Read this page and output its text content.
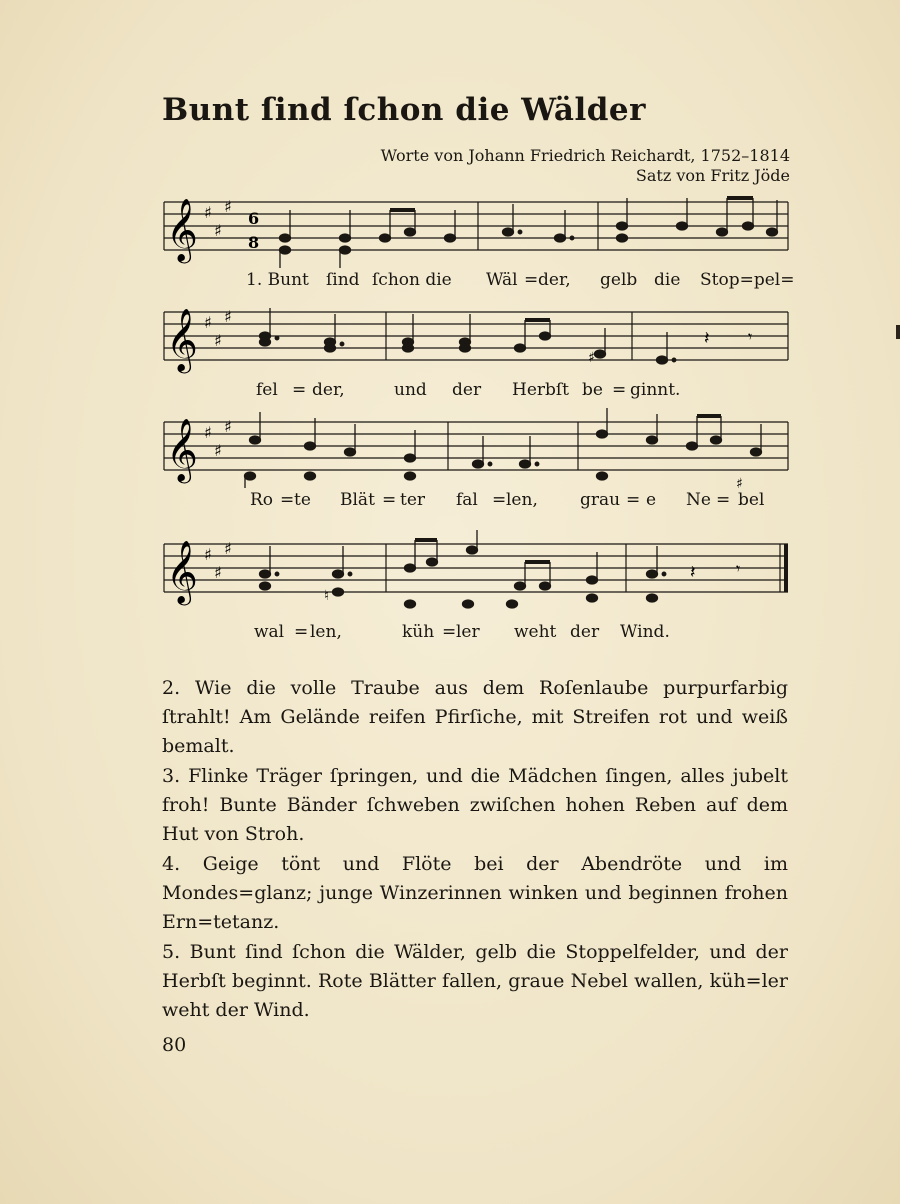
Bunt ſind ſchon die Wälder
Worte von Johann Friedrich Reichardt, 1752–1814
Satz von Fritz Jöde
𝄞 ♯
♯
♯
6
8
1. Bunt ſind ſchon die Wäl = der, gelb die Stop=pel=
𝄞 ♯
♯
♯
♯
𝄽 𝄾
fel = der,	und der Herbſt be = ginnt.
𝄞 ♯
♯
♯
♯
Ro = te Blät = ter fal = len, grau = e Ne = bel
𝄞 ♯
♯
♯
♮
𝄽	𝄾
wal = len,	küh = ler weht der Wind.
2. Wie die volle Traube aus dem Roſenlaube purpurfarbig ſtrahlt! Am Gelände reifen Pfirſiche, mit Streifen rot und weiß bemalt.
3. Flinke Träger ſpringen, und die Mädchen ſingen, alles jubelt froh! Bunte Bänder ſchweben zwiſchen hohen Reben auf dem Hut von Stroh.
4. Geige tönt und Flöte bei der Abendröte und im Mondes=glanz; junge Winzerinnen winken und beginnen frohen Ern=tetanz.
5. Bunt ſind ſchon die Wälder, gelb die Stoppelfelder, und der Herbſt beginnt. Rote Blätter fallen, graue Nebel wallen, küh=ler weht der Wind.
80
